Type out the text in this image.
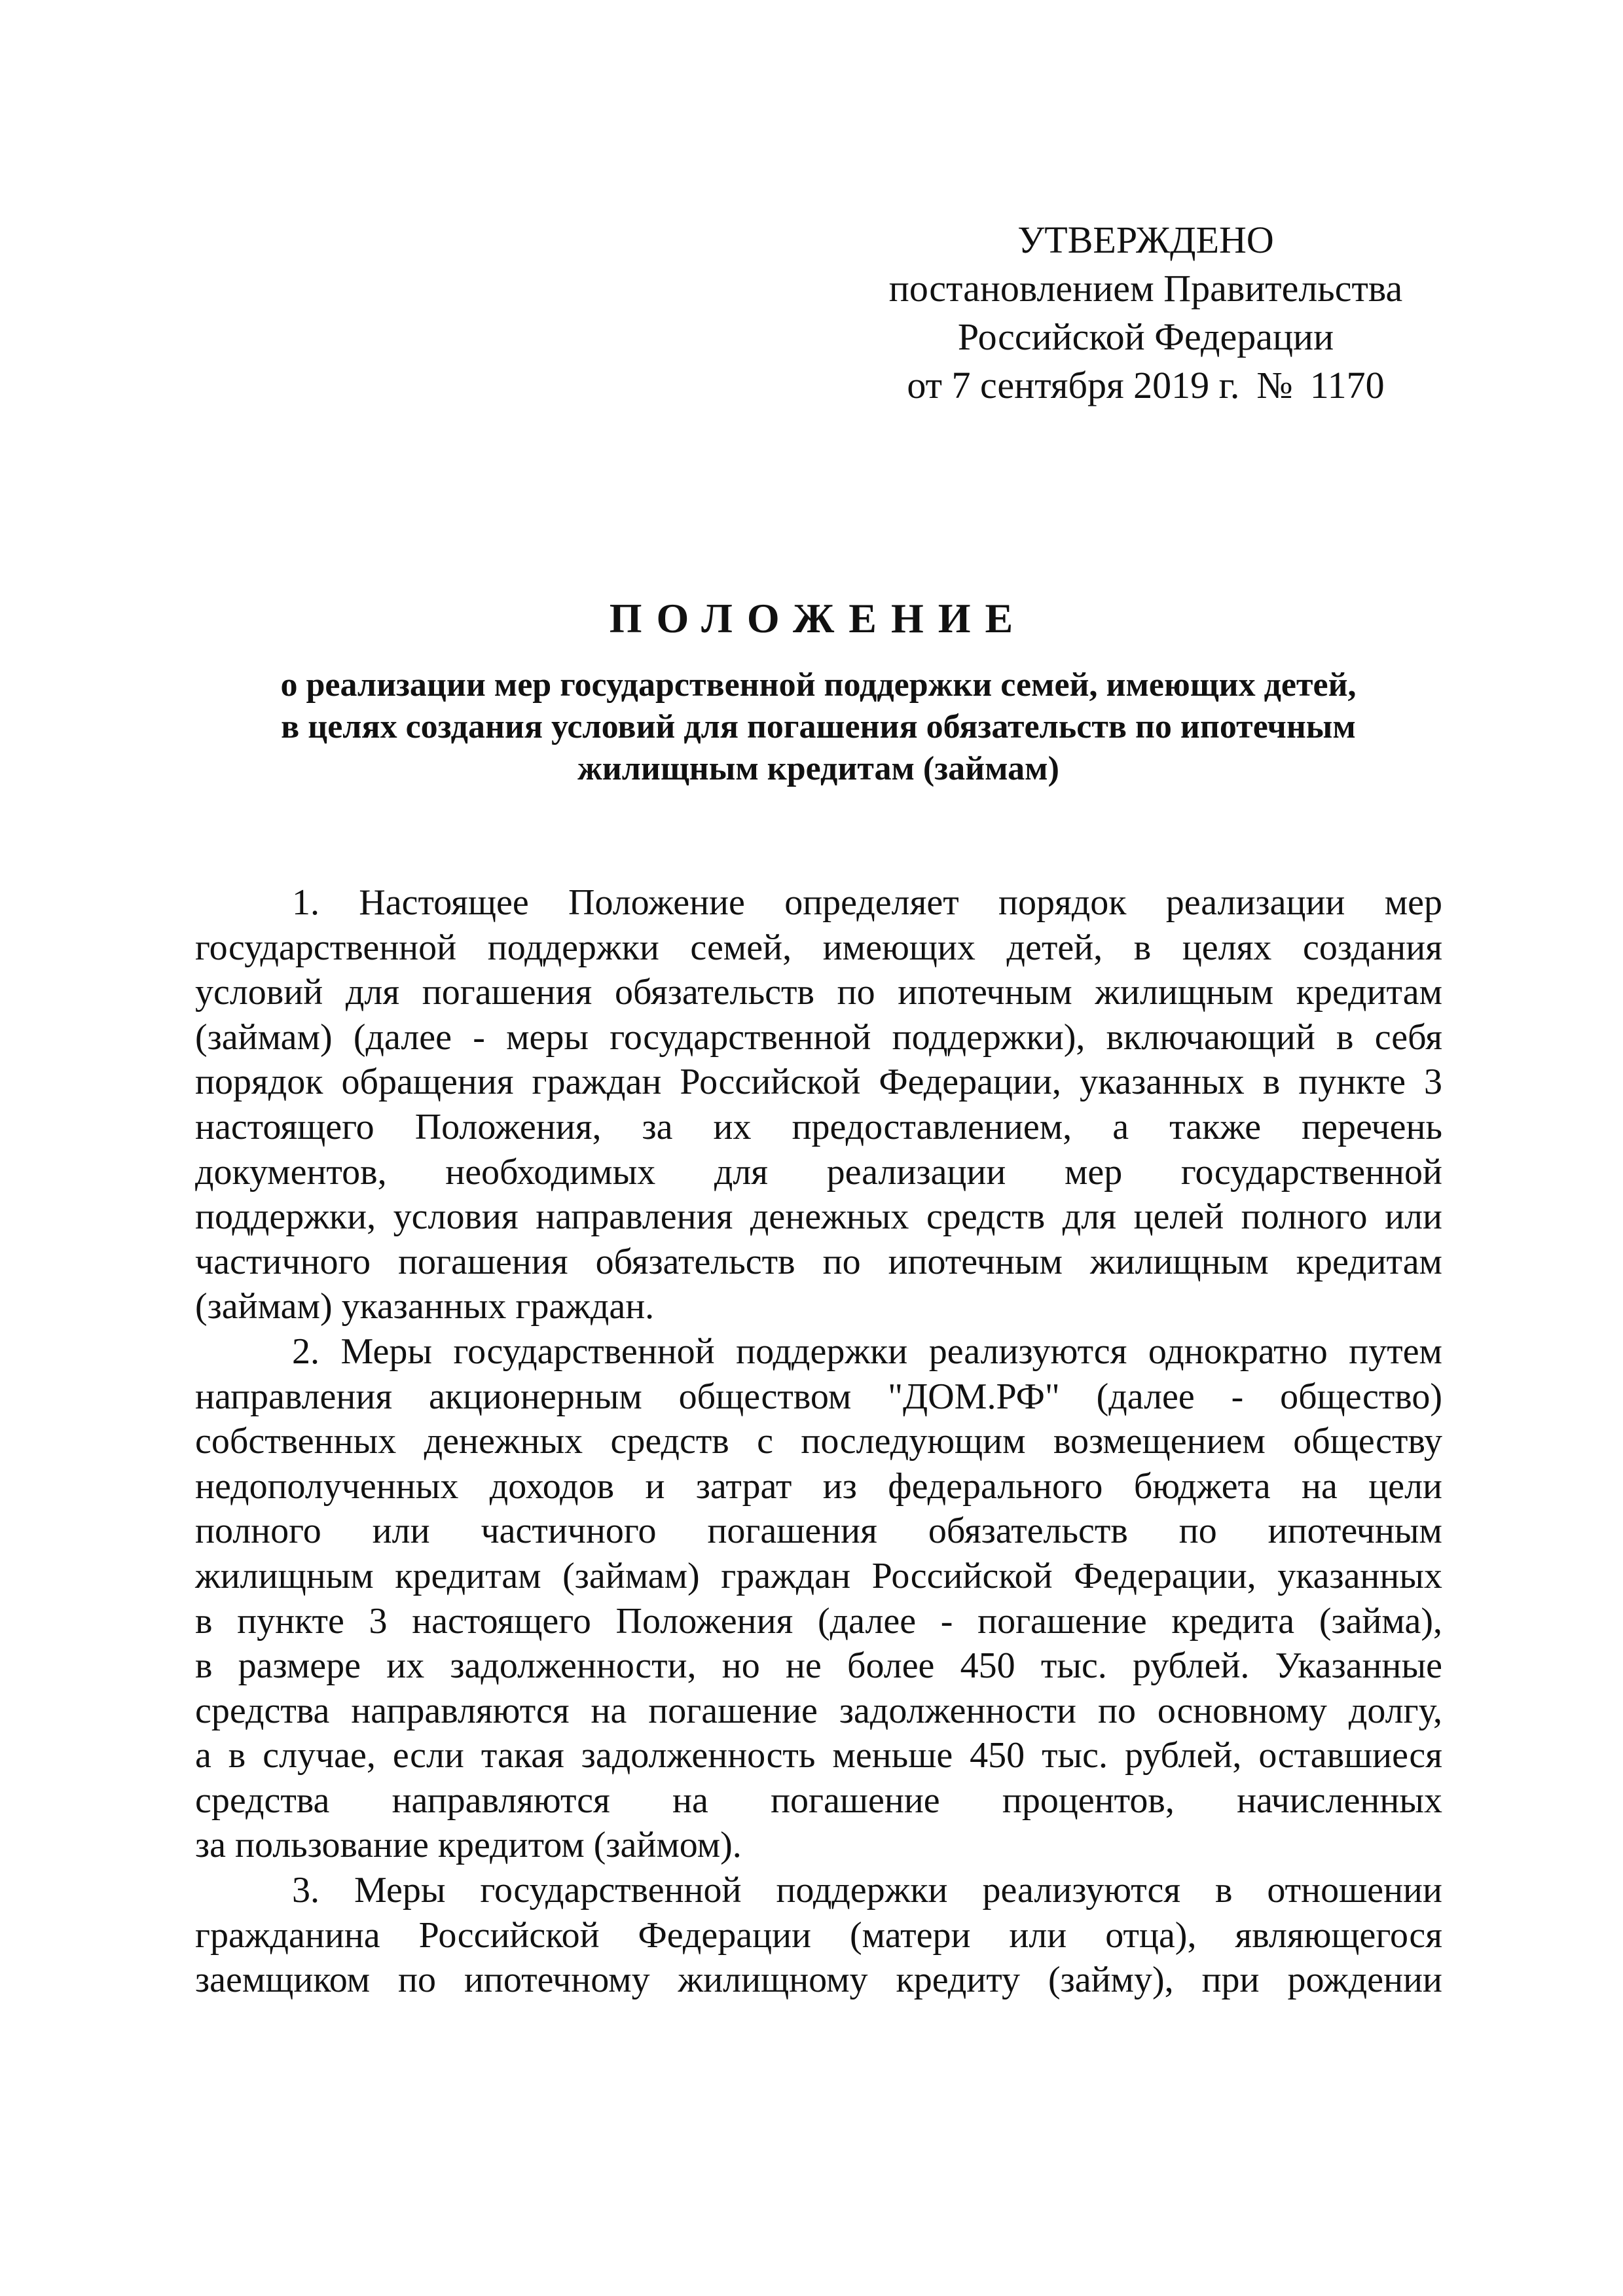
УТВЕРЖДЕНО
постановлением Правительства
Российской Федерации
от 7 сентября 2019 г. № 1170
ПОЛОЖЕНИЕ
о реализации мер государственной поддержки семей, имеющих детей,
в целях создания условий для погашения обязательств по ипотечным
жилищным кредитам (займам)
1. Настоящее Положение определяет порядок реализации мер
государственной поддержки семей, имеющих детей, в целях создания
условий для погашения обязательств по ипотечным жилищным кредитам
(займам) (далее - меры государственной поддержки), включающий в себя
порядок обращения граждан Российской Федерации, указанных в пункте 3
настоящего Положения, за их предоставлением, а также перечень
документов, необходимых для реализации мер государственной
поддержки, условия направления денежных средств для целей полного или
частичного погашения обязательств по ипотечным жилищным кредитам
(займам) указанных граждан.
2. Меры государственной поддержки реализуются однократно путем
направления акционерным обществом "ДОМ.РФ" (далее - общество)
собственных денежных средств с последующим возмещением обществу
недополученных доходов и затрат из федерального бюджета на цели
полного или частичного погашения обязательств по ипотечным
жилищным кредитам (займам) граждан Российской Федерации, указанных
в пункте 3 настоящего Положения (далее - погашение кредита (займа),
в размере их задолженности, но не более 450 тыс. рублей. Указанные
средства направляются на погашение задолженности по основному долгу,
а в случае, если такая задолженность меньше 450 тыс. рублей, оставшиеся
средства направляются на погашение процентов, начисленных
за пользование кредитом (займом).
3. Меры государственной поддержки реализуются в отношении
гражданина Российской Федерации (матери или отца), являющегося
заемщиком по ипотечному жилищному кредиту (займу), при рождении
